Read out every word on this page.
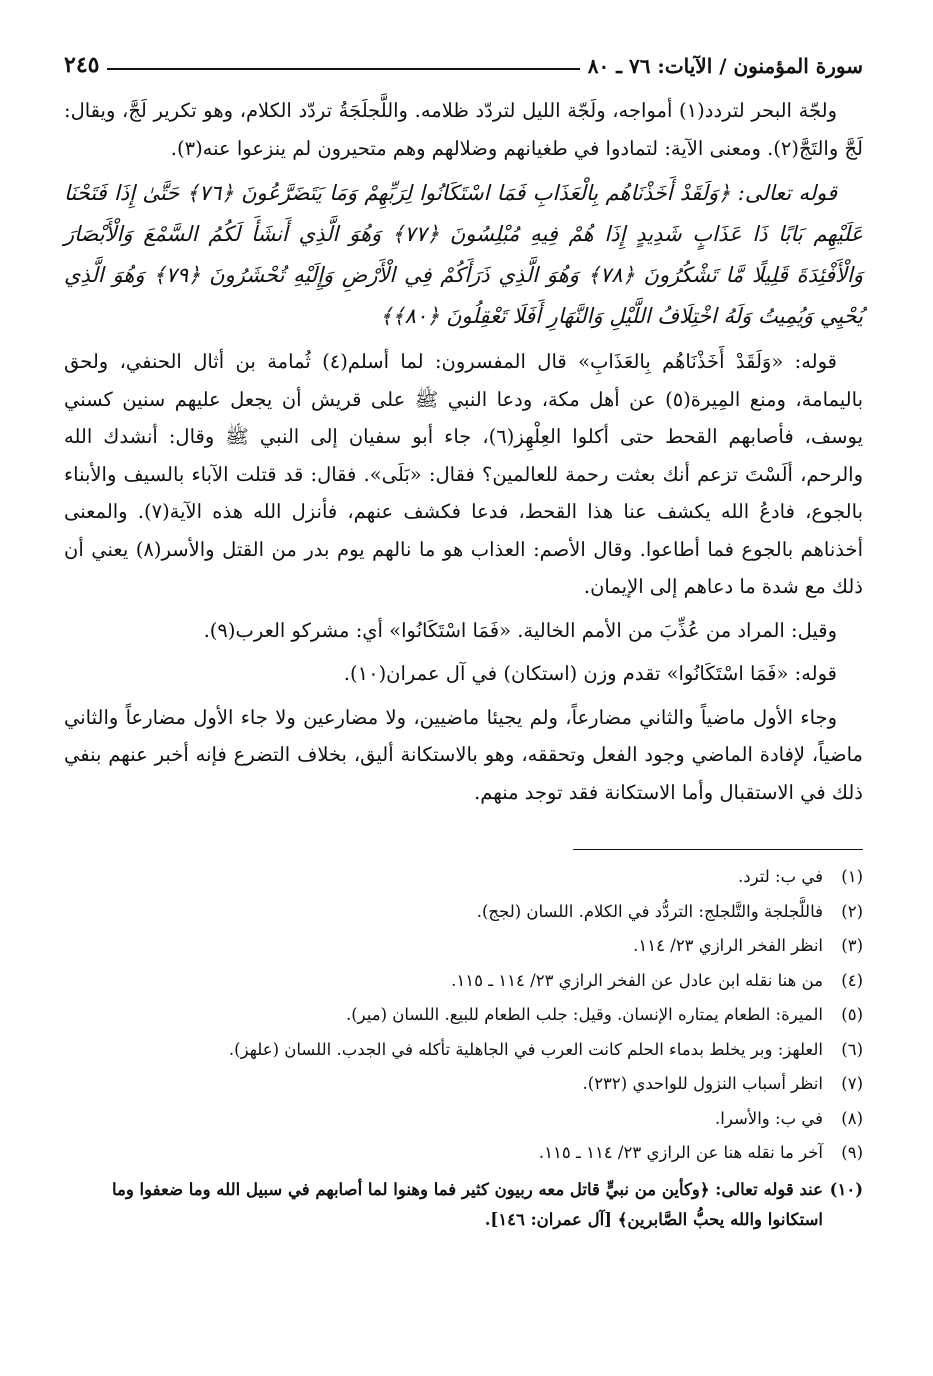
سورة المؤمنون / الآيات: ٧٦ ـ ٨٠
٢٤٥

ولجّة البحر لتردد(١) أمواجه، ولَجّة الليل لتردّد ظلامه. واللَّجلَجَةُ تردّد الكلام، وهو تكرير لَجَّ، ويقال: لَجَّ والتَجَّ(٢). ومعنى الآية: لتمادوا في طغيانهم وضلالهم وهم متحيرون لم ينزعوا عنه(٣).

قوله تعالى: ﴿وَلَقَدْ أَخَذْنَاهُم بِالْعَذَابِ فَمَا اسْتَكَانُوا لِرَبِّهِمْ وَمَا يَتَضَرَّعُونَ ﴿٧٦﴾ حَتَّىٰ إِذَا فَتَحْنَا عَلَيْهِم بَابًا ذَا عَذَابٍ شَدِيدٍ إِذَا هُمْ فِيهِ مُبْلِسُونَ ﴿٧٧﴾ وَهُوَ الَّذِي أَنشَأَ لَكُمُ السَّمْعَ وَالْأَبْصَارَ وَالْأَفْئِدَةَ قَلِيلًا مَّا تَشْكُرُونَ ﴿٧٨﴾ وَهُوَ الَّذِي ذَرَأَكُمْ فِي الْأَرْضِ وَإِلَيْهِ تُحْشَرُونَ ﴿٧٩﴾ وَهُوَ الَّذِي يُحْيِي وَيُمِيتُ وَلَهُ اخْتِلَافُ اللَّيْلِ وَالنَّهَارِ أَفَلَا تَعْقِلُونَ ﴿٨٠﴾﴾

قوله: «وَلَقَدْ أَخَذْنَاهُم بِالعَذَابِ» قال المفسرون: لما أسلم(٤) ثُمامة بن أثال الحنفي، ولحق باليمامة، ومنع المِيرة(٥) عن أهل مكة، ودعا النبي ﷺ على قريش أن يجعل عليهم سنين كسني يوسف، فأصابهم القحط حتى أكلوا العِلْهِز(٦)، جاء أبو سفيان إلى النبي ﷺ وقال: أنشدك الله والرحم، ألَسْتَ تزعم أنك بعثت رحمة للعالمين؟ فقال: «بَلَى». فقال: قد قتلت الآباء بالسيف والأبناء بالجوع، فادعُ الله يكشف عنا هذا القحط، فدعا فكشف عنهم، فأنزل الله هذه الآية(٧). والمعنى أخذناهم بالجوع فما أطاعوا. وقال الأصم: العذاب هو ما نالهم يوم بدر من القتل والأسر(٨) يعني أن ذلك مع شدة ما دعاهم إلى الإيمان.

وقيل: المراد من عُذِّبَ من الأمم الخالية. «فَمَا اسْتَكَانُوا» أي: مشركو العرب(٩).

قوله: «فَمَا اسْتَكَانُوا» تقدم وزن (استكان) في آل عمران(١٠).

وجاء الأول ماضياً والثاني مضارعاً، ولم يجيئا ماضيين، ولا مضارعين ولا جاء الأول مضارعاً والثاني ماضياً، لإفادة الماضي وجود الفعل وتحققه، وهو بالاستكانة أليق، بخلاف التضرع فإنه أخبر عنهم بنفي ذلك في الاستقبال وأما الاستكانة فقد توجد منهم.

(١)
في ب: لترد.
(٢)
فاللَّجلجة والتَّلجلج: التردُّد في الكلام. اللسان (لجج).
(٣)
انظر الفخر الرازي ٢٣/ ١١٤.
(٤)
من هنا نقله ابن عادل عن الفخر الرازي ٢٣/ ١١٤ ـ ١١٥.
(٥)
الميرة: الطعام يمتاره الإنسان. وقيل: جلب الطعام للبيع. اللسان (مير).
(٦)
العلهز: وبر يخلط بدماء الحلم كانت العرب في الجاهلية تأكله في الجدب. اللسان (علهز).
(٧)
انظر أسباب النزول للواحدي (٢٣٢).
(٨)
في ب: والأسرا.
(٩)
آخر ما نقله هنا عن الرازي ٢٣/ ١١٤ ـ ١١٥.
(١٠)
عند قوله تعالى: ﴿وكأين من نبيٍّ قاتل معه ربيون كثير فما وهنوا لما أصابهم في سبيل الله وما ضعفوا وما استكانوا والله يحبُّ الصَّابرين﴾ [آل عمران: ١٤٦].
